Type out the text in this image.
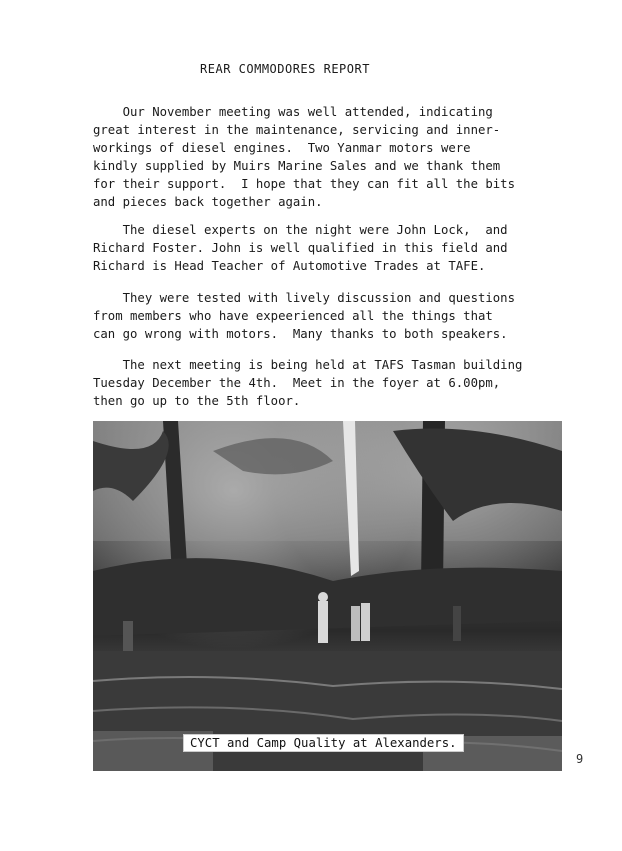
REAR COMMODORES REPORT
Our November meeting was well attended, indicating
great interest in the maintenance, servicing and inner-
workings of diesel engines.  Two Yanmar motors were
kindly supplied by Muirs Marine Sales and we thank them
for their support.  I hope that they can fit all the bits
and pieces back together again.
The diesel experts on the night were John Lock,  and
Richard Foster. John is well qualified in this field and
Richard is Head Teacher of Automotive Trades at TAFE.
They were tested with lively discussion and questions
from members who have expeerienced all the things that
can go wrong with motors.  Many thanks to both speakers.
The next meeting is being held at TAFS Tasman building
Tuesday December the 4th.  Meet in the foyer at 6.00pm,
then go up to the 5th floor.
CYCT and Camp Quality at Alexanders.
9
